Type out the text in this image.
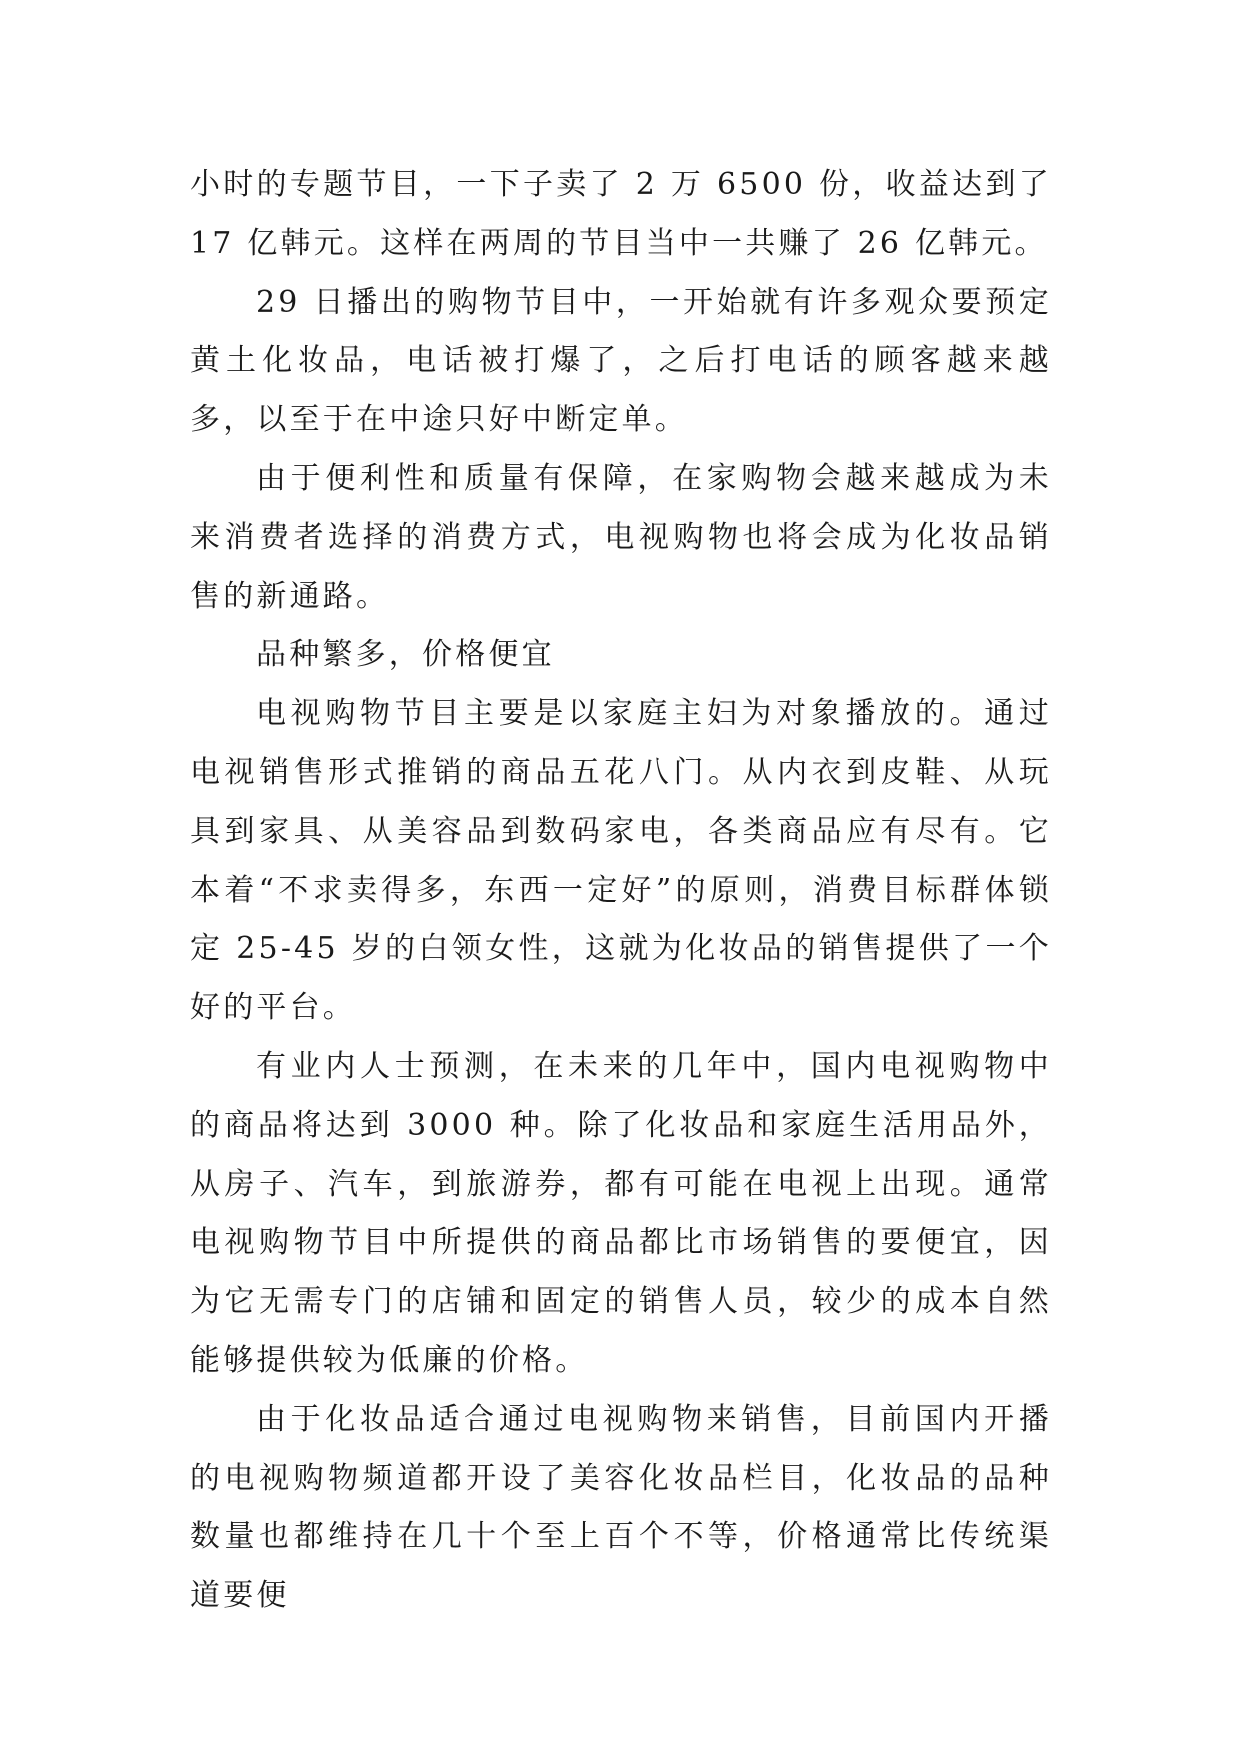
小时的专题节目，一下子卖了 2 万 6500 份，收益达到了 17 亿韩元。这样在两周的节目当中一共赚了 26 亿韩元。

29 日播出的购物节目中，一开始就有许多观众要预定黄土化妆品，电话被打爆了，之后打电话的顾客越来越多，以至于在中途只好中断定单。

由于便利性和质量有保障，在家购物会越来越成为未来消费者选择的消费方式，电视购物也将会成为化妆品销售的新通路。

品种繁多，价格便宜

电视购物节目主要是以家庭主妇为对象播放的。通过电视销售形式推销的商品五花八门。从内衣到皮鞋、从玩具到家具、从美容品到数码家电，各类商品应有尽有。它本着“不求卖得多，东西一定好”的原则，消费目标群体锁定 25-45 岁的白领女性，这就为化妆品的销售提供了一个好的平台。

有业内人士预测，在未来的几年中，国内电视购物中的商品将达到 3000 种。除了化妆品和家庭生活用品外，从房子、汽车，到旅游券，都有可能在电视上出现。通常电视购物节目中所提供的商品都比市场销售的要便宜，因为它无需专门的店铺和固定的销售人员，较少的成本自然能够提供较为低廉的价格。

由于化妆品适合通过电视购物来销售，目前国内开播的电视购物频道都开设了美容化妆品栏目，化妆品的品种数量也都维持在几十个至上百个不等，价格通常比传统渠道要便
